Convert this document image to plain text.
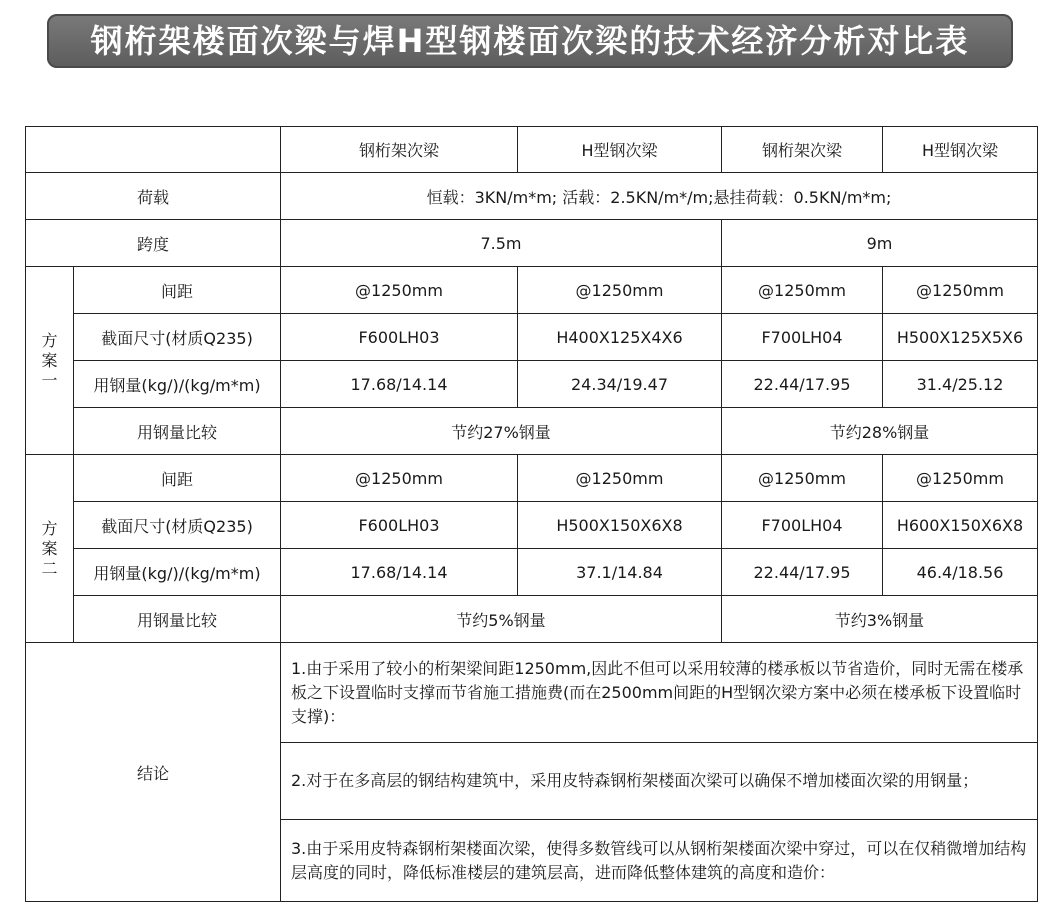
钢桁架楼面次梁与焊H型钢楼面次梁的技术经济分析对比表
		钢桁架次梁	H型钢次梁	钢桁架次梁	H型钢次梁
荷载		恒载：3KN/m*m; 活载：2.5KN/m*/m;悬挂荷载：0.5KN/m*m;			
跨度		7.5m		9m	

方案一	间距	@1250mm	@1250mm	@1250mm	@1250mm
	截面尺寸(材质Q235)	F600LH03	H400X125X4X6	F700LH04	H500X125X5X6
	用钢量(kg/)/(kg/m*m)	17.68/14.14	24.34/19.47	22.44/17.95	31.4/25.12
	用钢量比较	节约27%钢量		节约28%钢量	

方案二	间距	@1250mm	@1250mm	@1250mm	@1250mm
	截面尺寸(材质Q235)	F600LH03	H500X150X6X8	F700LH04	H600X150X6X8
	用钢量(kg/)/(kg/m*m)	17.68/14.14	37.1/14.84	22.44/17.95	46.4/18.56
	用钢量比较	节约5%钢量		节约3%钢量	
结论		1.由于采用了较小的桁架梁间距1250mm,因此不但可以采用较薄的楼承板以节省造价，同时无需在楼承板之下设置临时支撑而节省施工措施费(而在2500mm间距的H型钢次梁方案中必须在楼承板下设置临时支撑)：			
		2.对于在多高层的钢结构建筑中，采用皮特森钢桁架楼面次梁可以确保不增加楼面次梁的用钢量；			
		3.由于采用皮特森钢桁架楼面次梁，使得多数管线可以从钢桁架楼面次梁中穿过，可以在仅稍微增加结构层高度的同时，降低标准楼层的建筑层高，进而降低整体建筑的高度和造价：			
